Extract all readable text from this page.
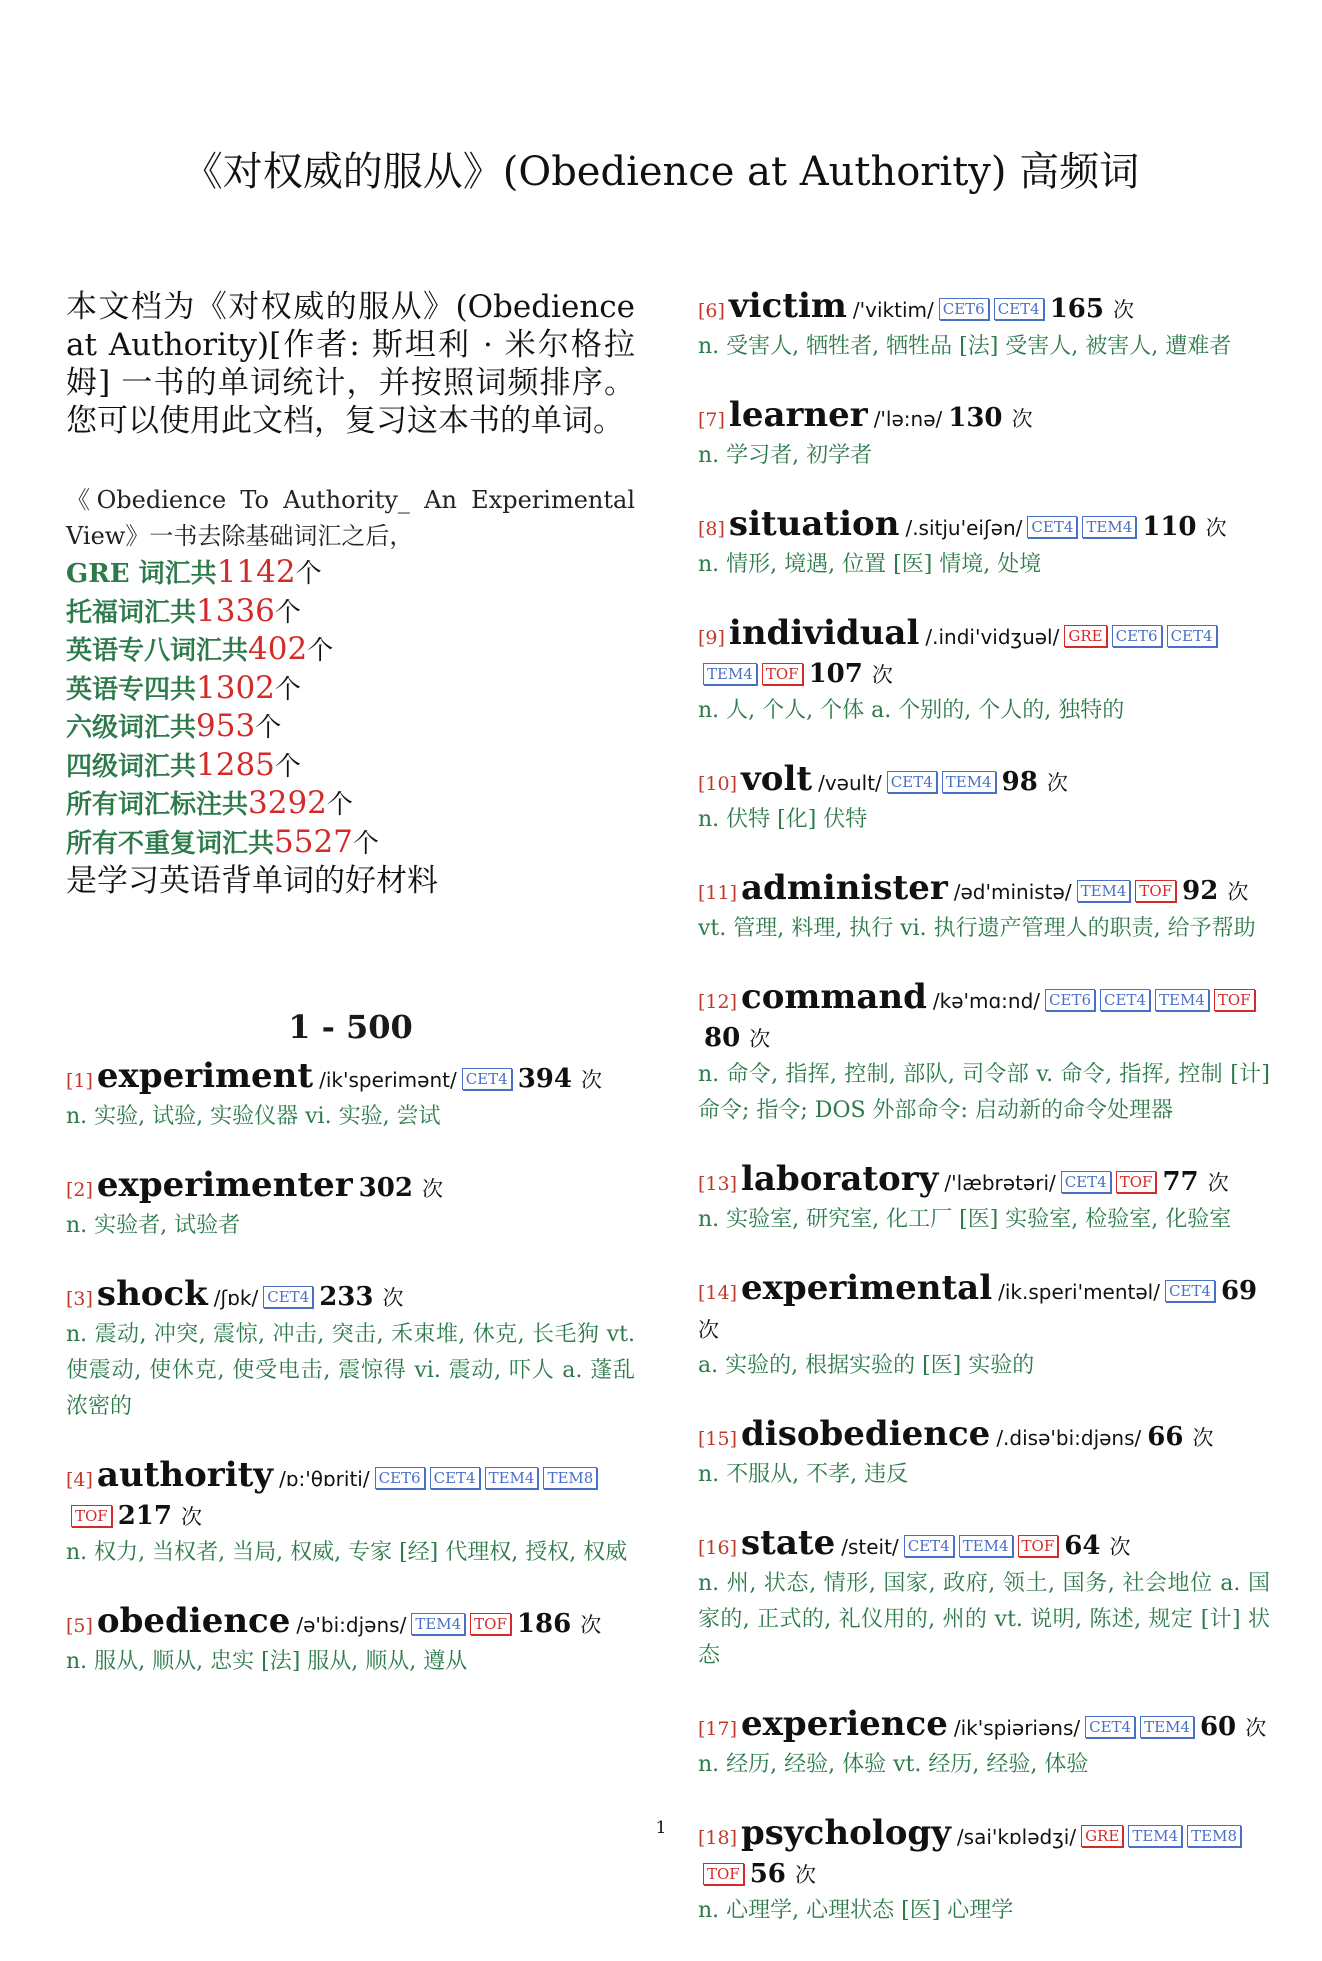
《对权威的服从》(Obedience at Authority) 高频词

本文档为《对权威的服从》(Obedience at Authority)[作者: 斯坦利 · 米尔格拉姆] 一书的单词统计，并按照词频排序。您可以使用此文档，复习这本书的单词。

《Obedience To Authority_ An Experimental View》一书去除基础词汇之后，
GRE 词汇共1142个
托福词汇共1336个
英语专八词汇共402个
英语专四共1302个
六级词汇共953个
四级词汇共1285个
所有词汇标注共3292个
所有不重复词汇共5527个
是学习英语背单词的好材料
1 - 500
[1] experiment /ik'sperimənt/ CET4 394 次
n. 实验, 试验, 实验仪器 vi. 实验, 尝试
[2] experimenter 302 次
n. 实验者, 试验者
[3] shock /ʃɒk/ CET4 233 次
n. 震动, 冲突, 震惊, 冲击, 突击, 禾束堆, 休克, 长毛狗 vt. 使震动, 使休克, 使受电击, 震惊得 vi. 震动, 吓人 a. 蓬乱浓密的
[4] authority /ɒ:'θɒriti/ CET6 CET4 TEM4 TEM8TOF 217 次
n. 权力, 当权者, 当局, 权威, 专家 [经] 代理权, 授权, 权威
[5] obedience /ə'bi:djəns/ TEM4 TOF 186 次
n. 服从, 顺从, 忠实 [法] 服从, 顺从, 遵从
[6] victim /'viktim/ CET6 CET4 165 次
n. 受害人, 牺牲者, 牺牲品 [法] 受害人, 被害人, 遭难者
[7] learner /'lə:nə/ 130 次
n. 学习者, 初学者
[8] situation /.sitju'eiʃən/ CET4 TEM4 110 次
n. 情形, 境遇, 位置 [医] 情境, 处境
[9] individual /.indi'vidʒuəl/ GRE CET6 CET4TEM4 TOF 107 次
n. 人, 个人, 个体 a. 个别的, 个人的, 独特的
[10] volt /vəult/ CET4 TEM4 98 次
n. 伏特 [化] 伏特
[11] administer /əd'ministə/ TEM4 TOF 92 次
vt. 管理, 料理, 执行 vi. 执行遗产管理人的职责, 给予帮助
[12] command /kə'mɑ:nd/ CET6 CET4 TEM4 TOF80 次
n. 命令, 指挥, 控制, 部队, 司令部 v. 命令, 指挥, 控制 [计] 命令; 指令; DOS 外部命令: 启动新的命令处理器
[13] laboratory /'læbrətəri/ CET4 TOF 77 次
n. 实验室, 研究室, 化工厂 [医] 实验室, 检验室, 化验室
[14] experimental /ik.speri'mentəl/ CET4 69 次
a. 实验的, 根据实验的 [医] 实验的
[15] disobedience /.disə'bi:djəns/ 66 次
n. 不服从, 不孝, 违反
[16] state /steit/ CET4 TEM4 TOF 64 次
n. 州, 状态, 情形, 国家, 政府, 领土, 国务, 社会地位 a. 国家的, 正式的, 礼仪用的, 州的 vt. 说明, 陈述, 规定 [计] 状态
[17] experience /ik'spiəriəns/ CET4 TEM4 60 次
n. 经历, 经验, 体验 vt. 经历, 经验, 体验
[18] psychology /sai'kɒlədʒi/ GRE TEM4 TEM8TOF 56 次
n. 心理学, 心理状态 [医] 心理学
1
